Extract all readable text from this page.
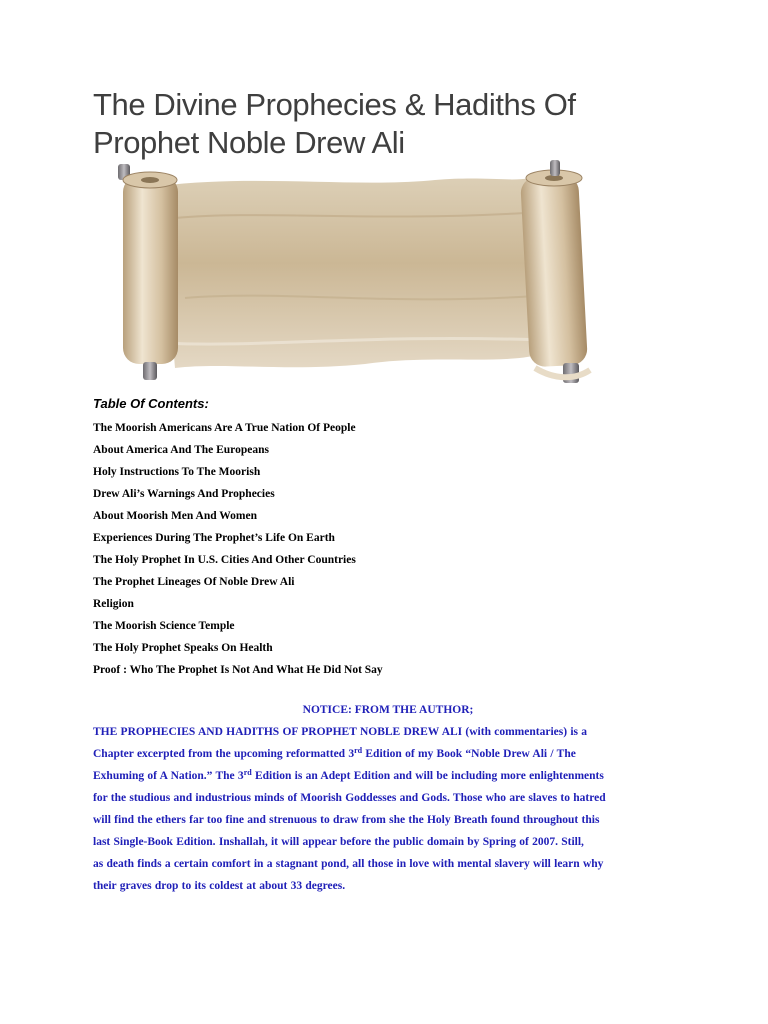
The Divine Prophecies & Hadiths Of
Prophet Noble Drew Ali

Table Of Contents:

The Moorish Americans Are A True Nation Of People
About America And The Europeans
Holy Instructions To The Moorish
Drew Ali’s Warnings And Prophecies
About Moorish Men And Women
Experiences During The Prophet’s Life On Earth
The Holy Prophet In U.S. Cities And Other Countries
The Prophet Lineages Of Noble Drew Ali
Religion
The Moorish Science Temple
The Holy Prophet Speaks On Health
Proof : Who The Prophet Is Not And What He Did Not Say

NOTICE: FROM THE AUTHOR;

THE PROPHECIES AND HADITHS OF PROPHET NOBLE DREW ALI (with commentaries) is a

Chapter excerpted from the upcoming reformatted 3rd Edition of my Book “Noble Drew Ali / The

Exhuming of A Nation.” The 3rd Edition is an Adept Edition and will be including more enlightenments

for the studious and industrious minds of Moorish Goddesses and Gods. Those who are slaves to hatred

will find the ethers far too fine and strenuous to draw from she the Holy Breath found throughout this

last Single-Book Edition. Inshallah, it will appear before the public domain by Spring of 2007. Still,

as death finds a certain comfort in a stagnant pond, all those in love with mental slavery will learn why

their graves drop to its coldest at about 33 degrees.
